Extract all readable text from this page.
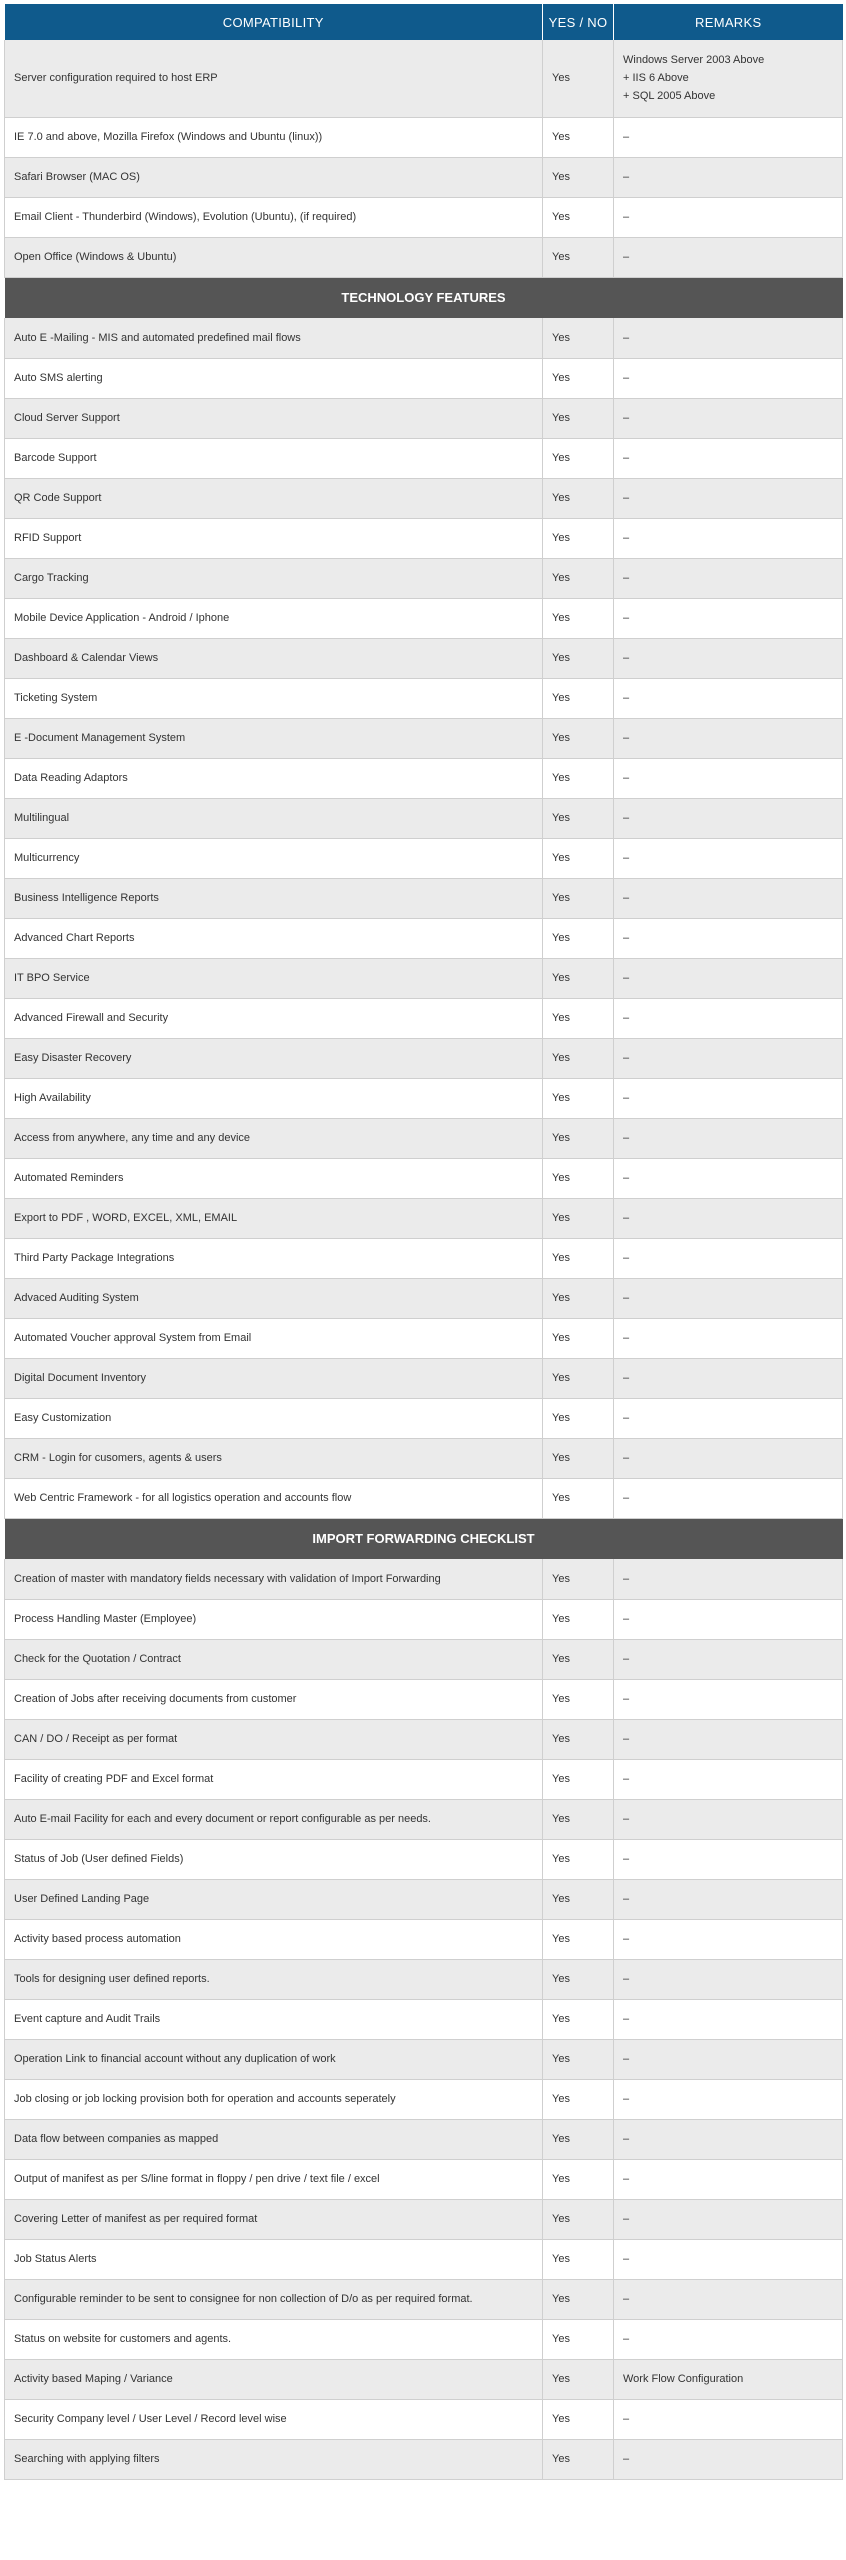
COMPATIBILITY	YES / NO	REMARKS
Server configuration required to host ERP	Yes	Windows Server 2003 Above
+ IIS 6 Above
+ SQL 2005 Above

IE 7.0 and above, Mozilla Firefox (Windows and Ubuntu (linux))	Yes	–

Safari Browser (MAC OS)	Yes	–

Email Client - Thunderbird (Windows), Evolution (Ubuntu), (if required)	Yes	–

Open Office (Windows & Ubuntu)	Yes	–

TECHNOLOGY FEATURES		
Auto E -Mailing - MIS and automated predefined mail flows	Yes	–
Auto SMS alerting	Yes	–
Cloud Server Support	Yes	–
Barcode Support	Yes	–
QR Code Support	Yes	–
RFID Support	Yes	–
Cargo Tracking	Yes	–
Mobile Device Application - Android / Iphone	Yes	–
Dashboard & Calendar Views	Yes	–
Ticketing System	Yes	–
E -Document Management System	Yes	–
Data Reading Adaptors	Yes	–
Multilingual	Yes	–
Multicurrency	Yes	–
Business Intelligence Reports	Yes	–
Advanced Chart Reports	Yes	–
IT BPO Service	Yes	–
Advanced Firewall and Security	Yes	–
Easy Disaster Recovery	Yes	–
High Availability	Yes	–
Access from anywhere, any time and any device	Yes	–
Automated Reminders	Yes	–
Export to PDF , WORD, EXCEL, XML, EMAIL	Yes	–
Third Party Package Integrations	Yes	–
Advaced Auditing System	Yes	–
Automated Voucher approval System from Email	Yes	–
Digital Document Inventory	Yes	–
Easy Customization	Yes	–
CRM - Login for cusomers, agents & users	Yes	–
Web Centric Framework - for all logistics operation and accounts flow	Yes	–
IMPORT FORWARDING CHECKLIST		
Creation of master with mandatory fields necessary with validation of Import Forwarding	Yes	–
Process Handling Master (Employee)	Yes	–
Check for the Quotation / Contract	Yes	–
Creation of Jobs after receiving documents from customer	Yes	–
CAN / DO / Receipt as per format	Yes	–
Facility of creating PDF and Excel format	Yes	–
Auto E-mail Facility for each and every document or report configurable as per needs.	Yes	–
Status of Job (User defined Fields)	Yes	–
User Defined Landing Page	Yes	–
Activity based process automation	Yes	–
Tools for designing user defined reports.	Yes	–
Event capture and Audit Trails	Yes	–
Operation Link to financial account without any duplication of work	Yes	–
Job closing or job locking provision both for operation and accounts seperately	Yes	–
Data flow between companies as mapped	Yes	–
Output of manifest as per S/line format in floppy / pen drive / text file / excel	Yes	–
Covering Letter of manifest as per required format	Yes	–
Job Status Alerts	Yes	–
Configurable reminder to be sent to consignee for non collection of D/o as per required format.	Yes	–
Status on website for customers and agents.	Yes	–
Activity based Maping / Variance	Yes	Work Flow Configuration
Security Company level / User Level / Record level wise	Yes	–
Searching with applying filters	Yes	–
